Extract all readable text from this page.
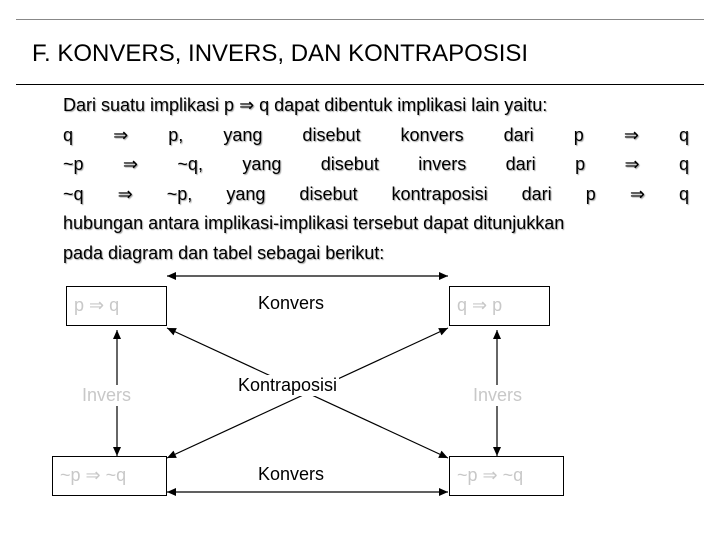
F. KONVERS, INVERS, DAN KONTRAPOSISI
Dari suatu implikasi p ⇒ q dapat dibentuk implikasi lain yaitu:
q ⇒ p, yang disebut konvers dari p ⇒ q
~p ⇒ ~q, yang disebut invers dari p ⇒ q
~q ⇒ ~p, yang disebut kontraposisi dari p ⇒ q
hubungan antara implikasi-implikasi tersebut dapat ditunjukkan
pada diagram dan tabel sebagai berikut:
p ⇒ q	q ⇒ p
~p ⇒ ~q	~p ⇒ ~q
Konvers
Kontraposisi
Konvers
Invers	Invers
